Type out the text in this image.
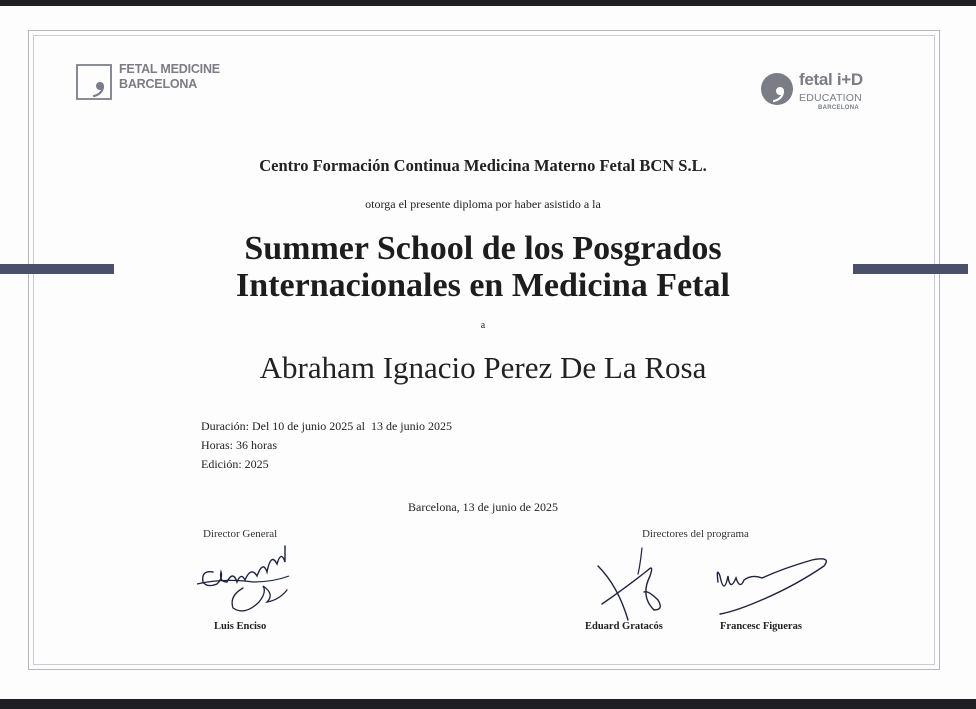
FETAL MEDICINE
BARCELONA	fetal i+D
EDUCATION
BARCELONA
Centro Formación Continua Medicina Materno Fetal BCN S.L.
otorga el presente diploma por haber asistido a la
Summer School de los Posgrados
Internacionales en Medicina Fetal
a
Abraham Ignacio Perez De La Rosa
Duración: Del 10 de junio 2025 al  13 de junio 2025
Horas: 36 horas
Edición: 2025
Barcelona, 13 de junio de 2025
Director General	Directores del programa
Luis Enciso	Eduard Gratacós	Francesc Figueras
